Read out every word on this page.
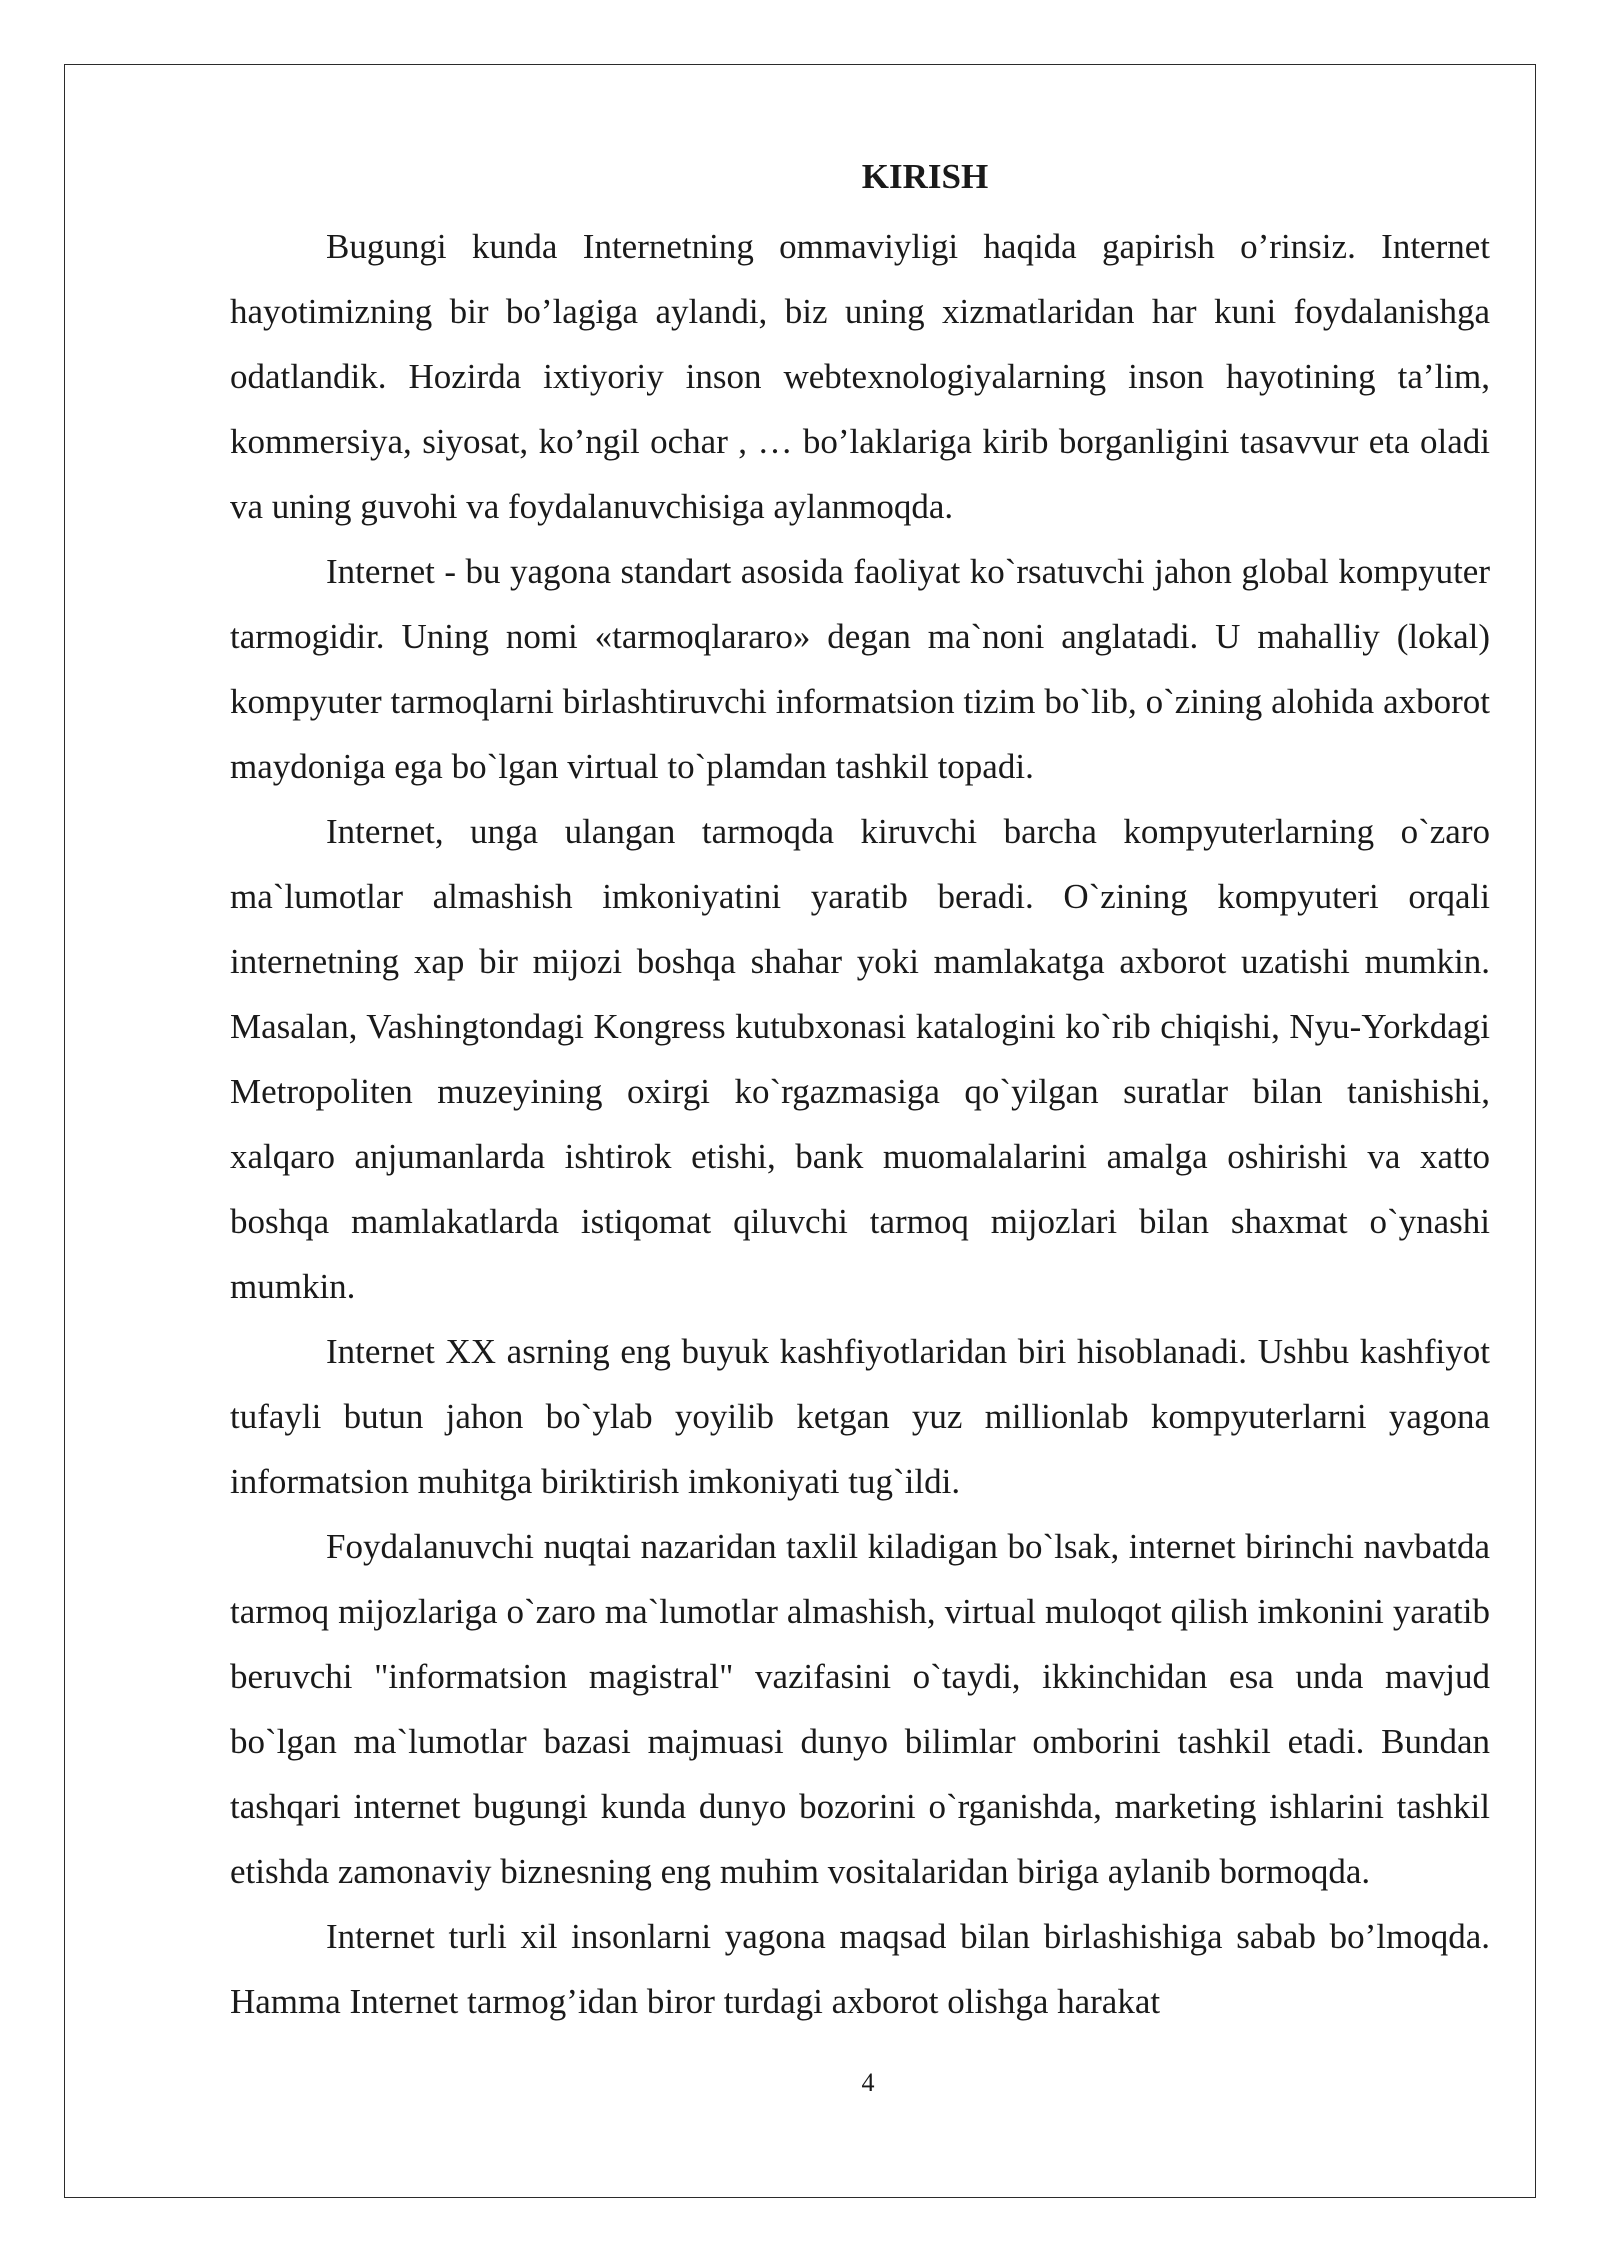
KIRISH

Bugungi kunda Internetning ommaviyligi haqida gapirish o’rinsiz. Internet hayotimizning bir bo’lagiga aylandi, biz uning xizmatlaridan har kuni foydalanishga odatlandik. Hozirda ixtiyoriy inson webtexnologiyalarning inson hayotining ta’lim, kommersiya, siyosat, ko’ngil ochar , … bo’laklariga kirib borganligini tasavvur eta oladi va uning guvohi va foydalanuvchisiga aylanmoqda.

Internet - bu yagona standart asosida faoliyat ko`rsatuvchi jahon global kompyuter tarmogidir. Uning nomi «tarmoqlararo» degan ma`noni anglatadi. U mahalliy (lokal) kompyuter tarmoqlarni birlashtiruvchi informatsion tizim bo`lib, o`zining alohida axborot maydoniga ega bo`lgan virtual to`plamdan tashkil topadi.

Internet, unga ulangan tarmoqda kiruvchi barcha kompyuterlarning o`zaro ma`lumotlar almashish imkoniyatini yaratib beradi. O`zining kompyuteri orqali internetning xap bir mijozi boshqa shahar yoki mamlakatga axborot uzatishi mumkin. Masalan, Vashingtondagi Kongress kutubxonasi katalogini ko`rib chiqishi, Nyu-Yorkdagi Metropoliten muzeyining oxirgi ko`rgazmasiga qo`yilgan suratlar bilan tanishishi, xalqaro anjumanlarda ishtirok etishi, bank muomalalarini amalga oshirishi va xatto boshqa mamlakatlarda istiqomat qiluvchi tarmoq mijozlari bilan shaxmat o`ynashi mumkin.

Internet XX asrning eng buyuk kashfiyotlaridan biri hisoblanadi. Ushbu kashfiyot tufayli butun jahon bo`ylab yoyilib ketgan yuz millionlab kompyuterlarni yagona informatsion muhitga biriktirish imkoniyati tug`ildi.

Foydalanuvchi nuqtai nazaridan taxlil kiladigan bo`lsak, internet birinchi navbatda tarmoq mijozlariga o`zaro ma`lumotlar almashish, virtual muloqot qilish imkonini yaratib beruvchi "informatsion magistral" vazifasini o`taydi, ikkinchidan esa unda mavjud bo`lgan ma`lumotlar bazasi majmuasi dunyo bilimlar omborini tashkil etadi. Bundan tashqari internet bugungi kunda dunyo bozorini o`rganishda, marketing ishlarini tashkil etishda zamonaviy biznesning eng muhim vositalaridan biriga aylanib bormoqda.

Internet turli xil insonlarni yagona maqsad bilan birlashishiga sabab bo’lmoqda. Hamma Internet tarmog’idan biror turdagi axborot olishga harakat

4
